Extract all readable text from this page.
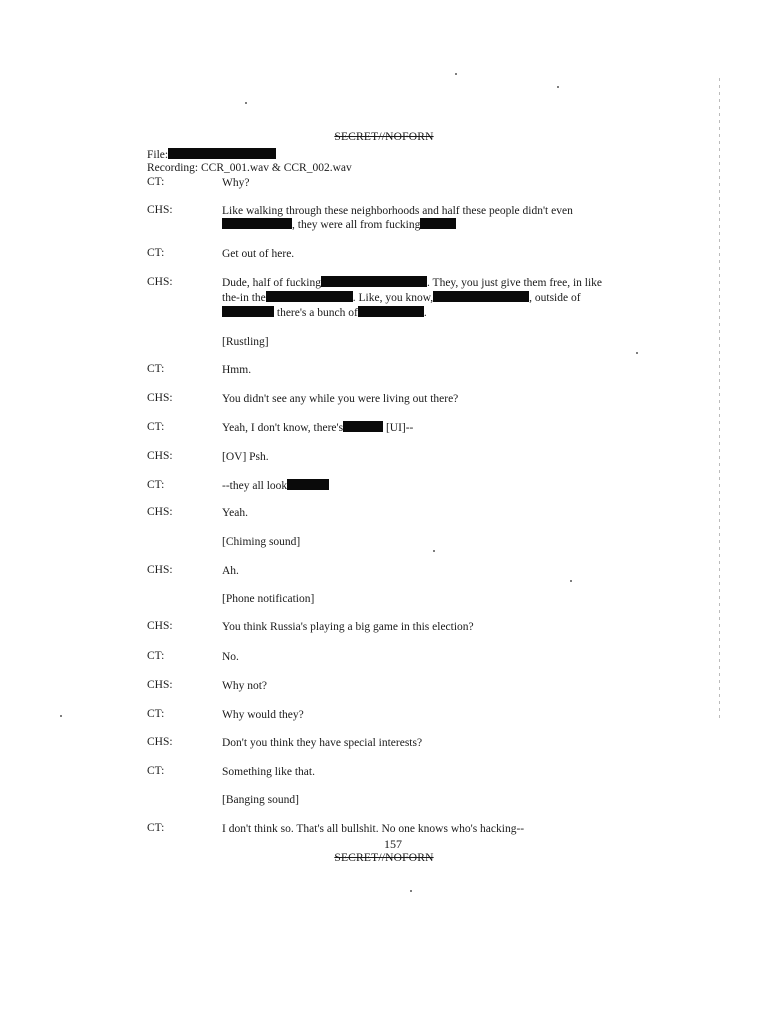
SECRET//NOFORN
File:
Recording: CCR_001.wav & CCR_002.wav
CT:	Why?
CHS:	Like walking through these neighborhoods and half these people didn't even
, they were all from fucking
CT:	Get out of here.
CHS:	Dude, half of fucking	. They, you just give them free, in like
the-in the	. Like, you know,	, outside of
there's a bunch of	.
[Rustling]
CT:	Hmm.
CHS:	You didn't see any while you were living out there?
CT:	Yeah, I don't know, there's	[UI]--
CHS:	[OV] Psh.
CT:	--they all look
CHS:	Yeah.
[Chiming sound]
CHS:	Ah.
[Phone notification]
CHS:	You think Russia's playing a big game in this election?
CT:	No.
CHS:	Why not?
CT:	Why would they?
CHS:	Don't you think they have special interests?
CT:	Something like that.
[Banging sound]
CT:	I don't think so. That's all bullshit. No one knows who's hacking--
157
SECRET//NOFORN
